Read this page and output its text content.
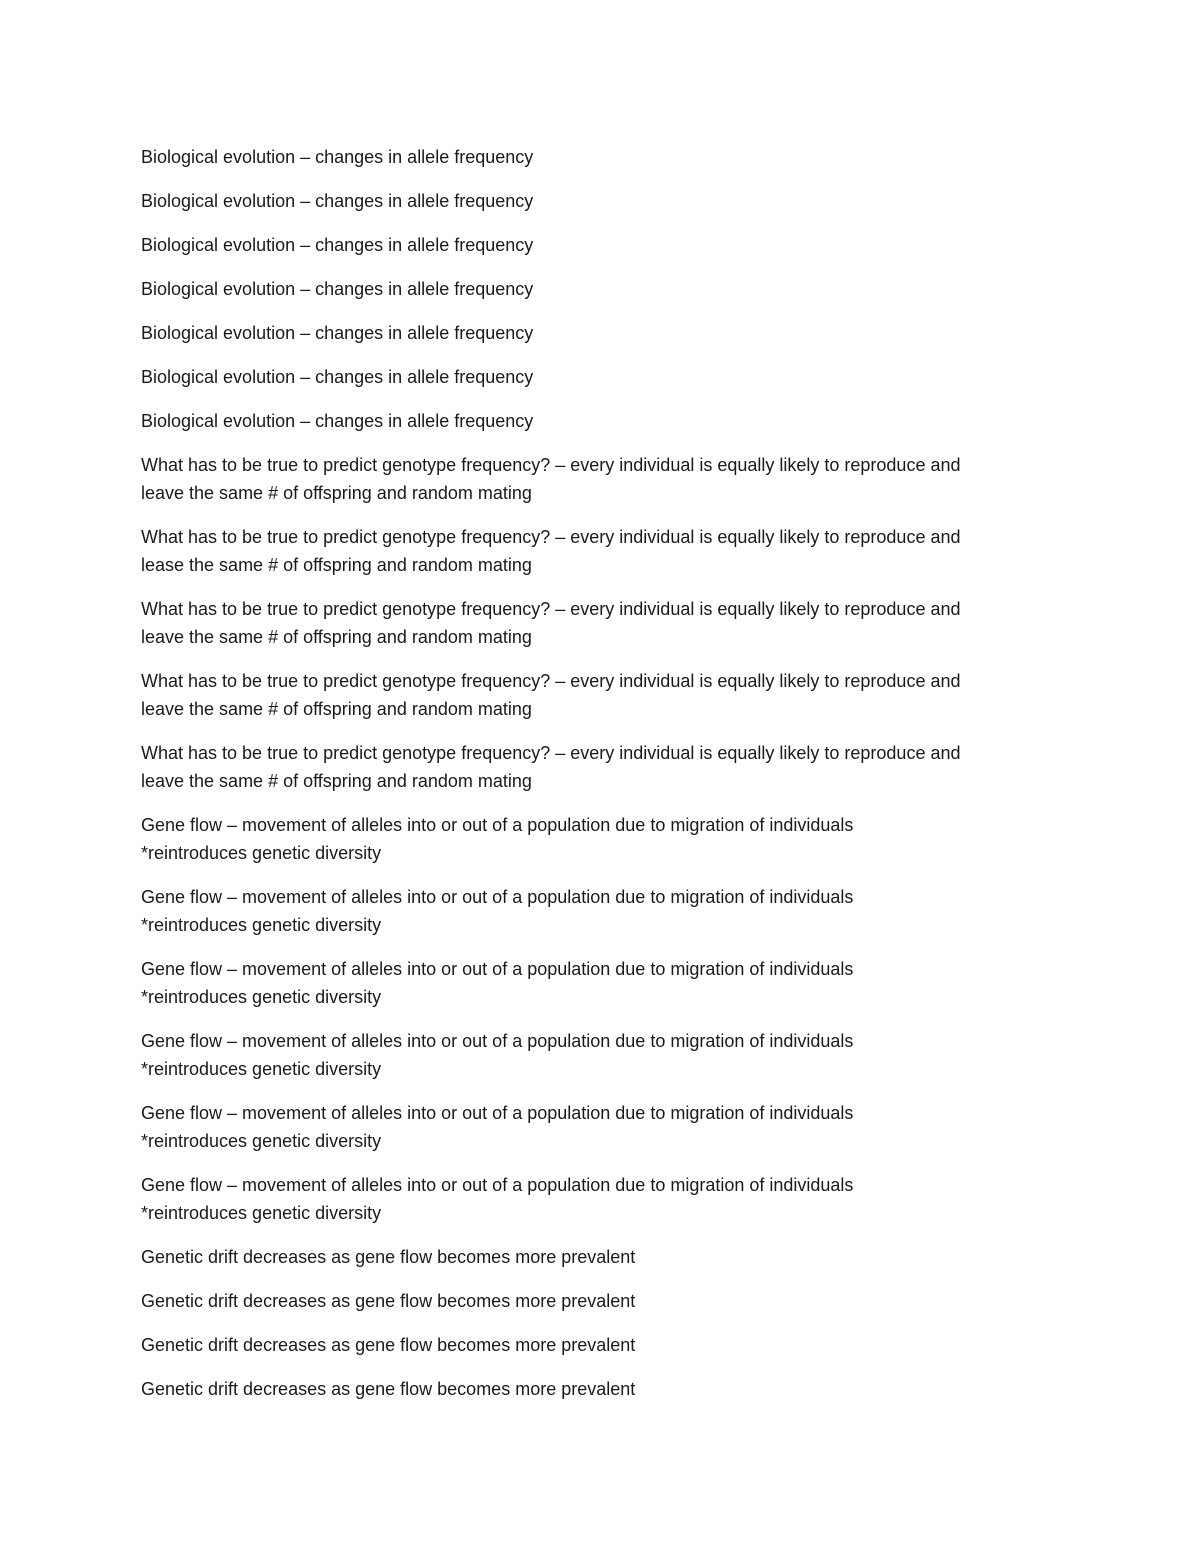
Biological evolution – changes in allele frequency

Biological evolution – changes in allele frequency

Biological evolution – changes in allele frequency

Biological evolution – changes in allele frequency

Biological evolution – changes in allele frequency

Biological evolution – changes in allele frequency

Biological evolution – changes in allele frequency

What has to be true to predict genotype frequency? – every individual is equally likely to reproduce and
leave the same # of offspring and random mating

What has to be true to predict genotype frequency? – every individual is equally likely to reproduce and
lease the same # of offspring and random mating

What has to be true to predict genotype frequency? – every individual is equally likely to reproduce and
leave the same # of offspring and random mating

What has to be true to predict genotype frequency? – every individual is equally likely to reproduce and
leave the same # of offspring and random mating

What has to be true to predict genotype frequency? – every individual is equally likely to reproduce and
leave the same # of offspring and random mating

Gene flow – movement of alleles into or out of a population due to migration of individuals
*reintroduces genetic diversity

Gene flow – movement of alleles into or out of a population due to migration of individuals
*reintroduces genetic diversity

Gene flow – movement of alleles into or out of a population due to migration of individuals
*reintroduces genetic diversity

Gene flow – movement of alleles into or out of a population due to migration of individuals
*reintroduces genetic diversity

Gene flow – movement of alleles into or out of a population due to migration of individuals
*reintroduces genetic diversity

Gene flow – movement of alleles into or out of a population due to migration of individuals
*reintroduces genetic diversity

Genetic drift decreases as gene flow becomes more prevalent

Genetic drift decreases as gene flow becomes more prevalent

Genetic drift decreases as gene flow becomes more prevalent

Genetic drift decreases as gene flow becomes more prevalent
